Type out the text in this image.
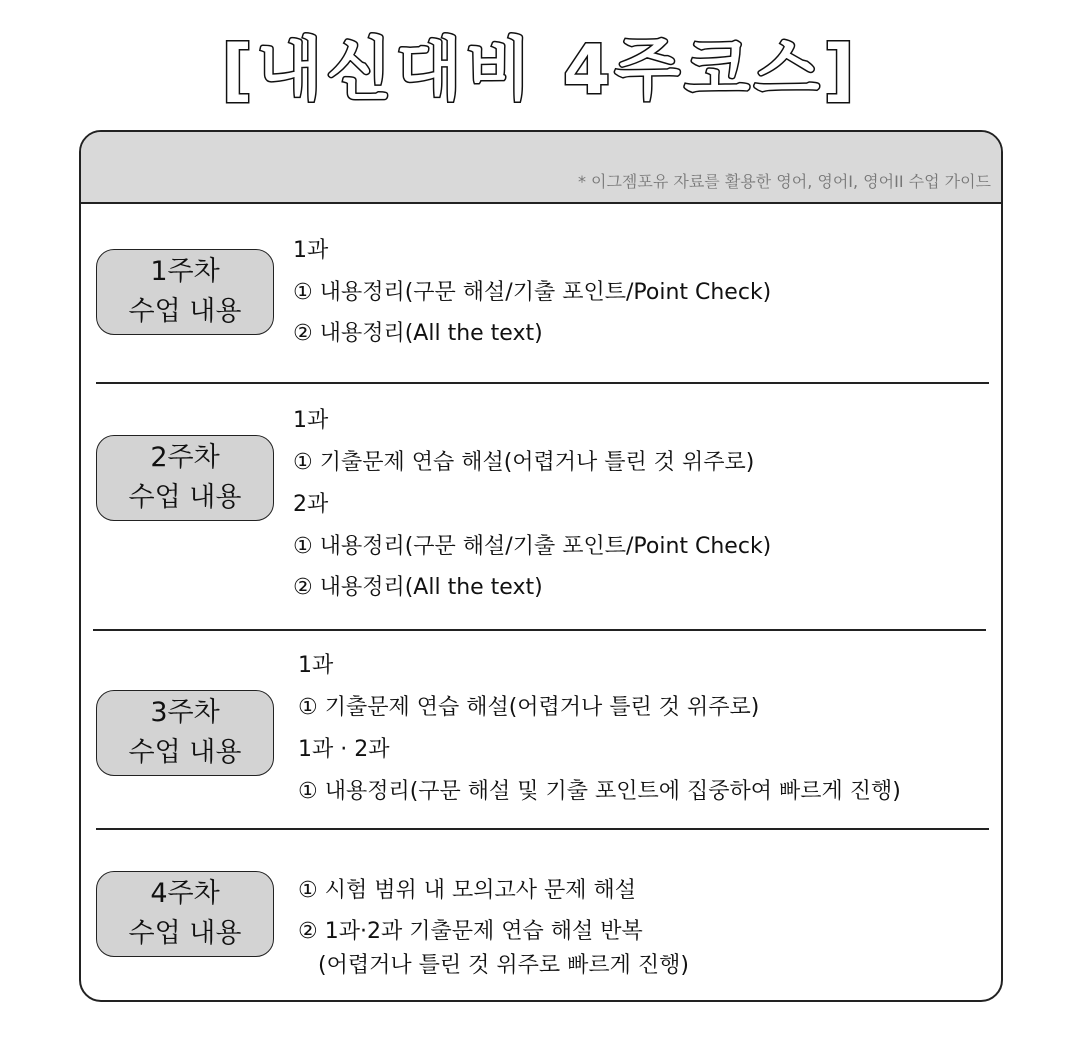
[내신대비 4주코스]
* 이그젬포유 자료를 활용한 영어, 영어I, 영어II 수업 가이드
1주차
수업 내용
1과
① 내용정리(구문 해설/기출 포인트/Point Check)
② 내용정리(All the text)
2주차
수업 내용
1과
① 기출문제 연습 해설(어렵거나 틀린 것 위주로)
2과
① 내용정리(구문 해설/기출 포인트/Point Check)
② 내용정리(All the text)
3주차
수업 내용
1과
① 기출문제 연습 해설(어렵거나 틀린 것 위주로)
1과 · 2과
① 내용정리(구문 해설 및 기출 포인트에 집중하여 빠르게 진행)
4주차
수업 내용
① 시험 범위 내 모의고사 문제 해설
② 1과·2과 기출문제 연습 해설 반복
(어렵거나 틀린 것 위주로 빠르게 진행)
